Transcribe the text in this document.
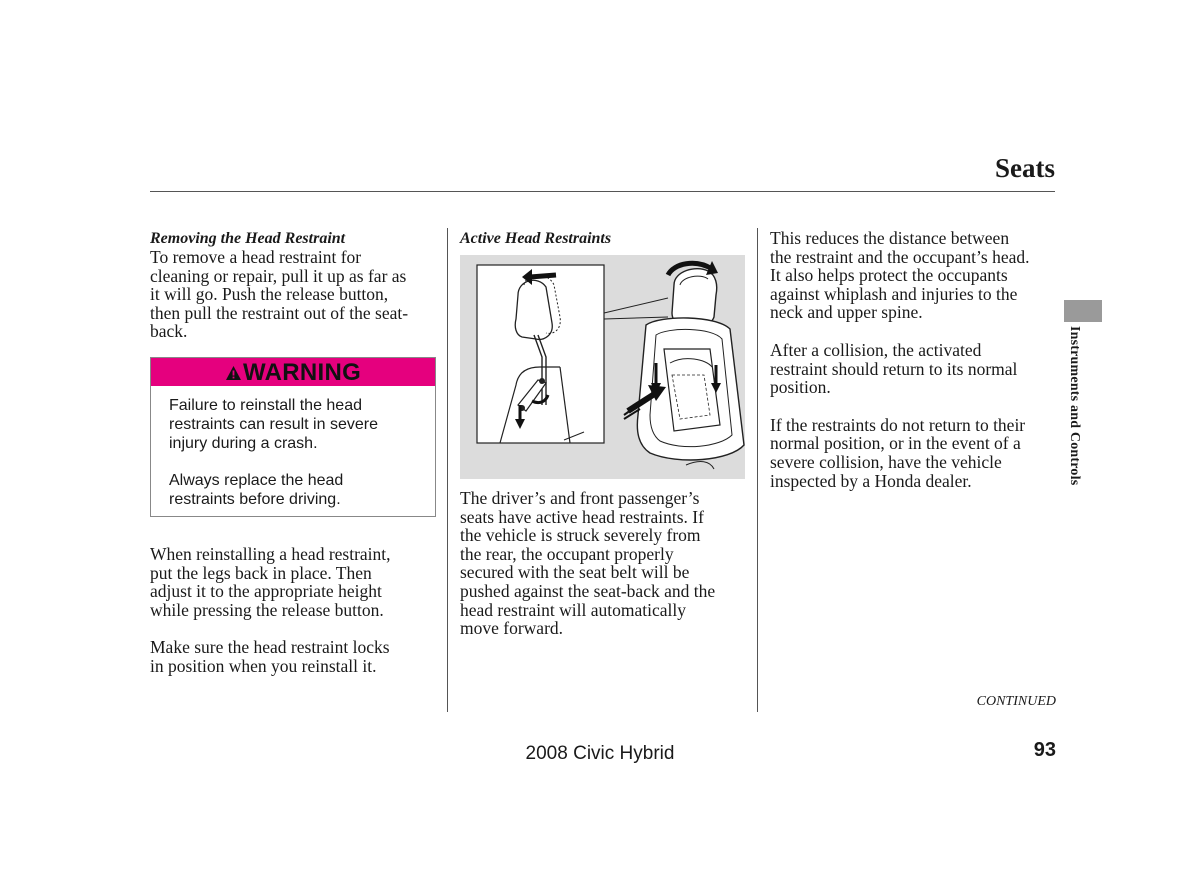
Seats
Removing the Head Restraint
To remove a head restraint for
cleaning or repair, pull it up as far as
it will go. Push the release button,
then pull the restraint out of the seat-
back.
WARNING
Failure to reinstall the head
restraints can result in severe
injury during a crash.
Always replace the head
restraints before driving.
When reinstalling a head restraint,
put the legs back in place. Then
adjust it to the appropriate height
while pressing the release button.
Make sure the head restraint locks
in position when you reinstall it.
Active Head Restraints
The driver’s and front passenger’s
seats have active head restraints. If
the vehicle is struck severely from
the rear, the occupant properly
secured with the seat belt will be
pushed against the seat-back and the
head restraint will automatically
move forward.
This reduces the distance between
the restraint and the occupant’s head.
It also helps protect the occupants
against whiplash and injuries to the
neck and upper spine.
After a collision, the activated
restraint should return to its normal
position.
If the restraints do not return to their
normal position, or in the event of a
severe collision, have the vehicle
inspected by a Honda dealer.	Instruments and Controls
CONTINUED
2008 Civic Hybrid	93
